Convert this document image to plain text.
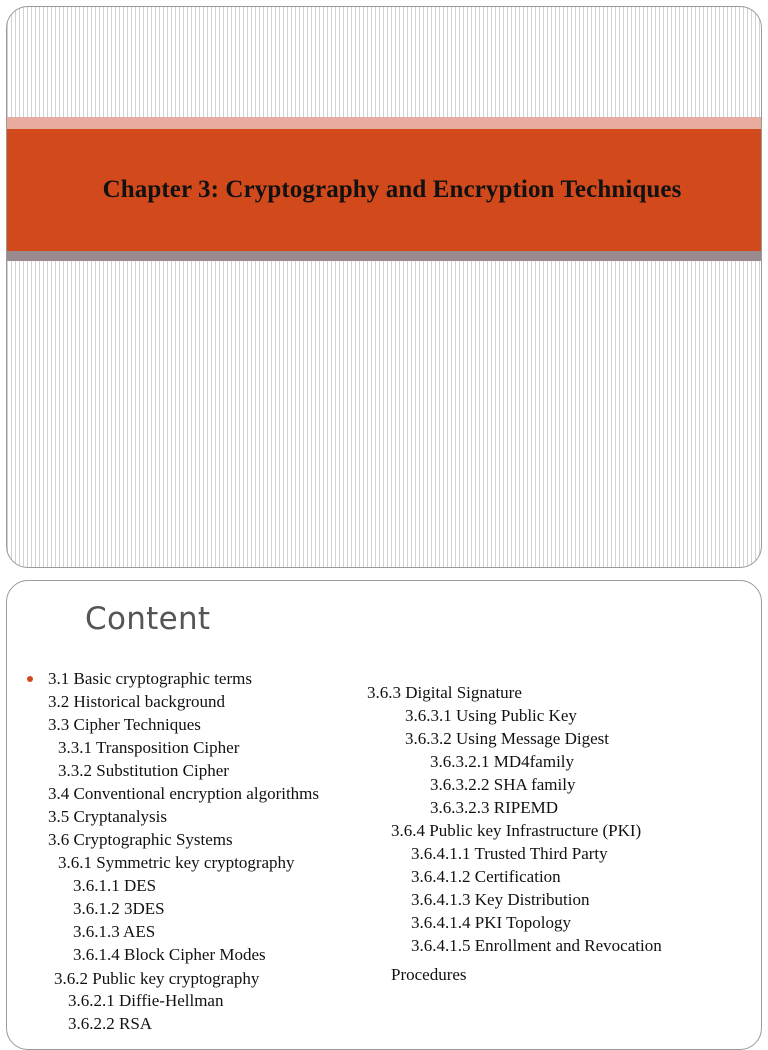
Chapter 3: Cryptography and Encryption Techniques
Content
3.1 Basic cryptographic terms
3.2 Historical background
3.3 Cipher Techniques
3.3.1 Transposition Cipher
3.3.2 Substitution Cipher
3.4 Conventional encryption algorithms
3.5 Cryptanalysis
3.6 Cryptographic Systems
3.6.1 Symmetric key cryptography
3.6.1.1 DES
3.6.1.2 3DES
3.6.1.3 AES
3.6.1.4 Block Cipher Modes
3.6.2 Public key cryptography
3.6.2.1 Diffie-Hellman
3.6.2.2 RSA
3.6.3 Digital Signature
3.6.3.1 Using Public Key
3.6.3.2 Using Message Digest
3.6.3.2.1 MD4family
3.6.3.2.2 SHA family
3.6.3.2.3 RIPEMD
3.6.4 Public key Infrastructure (PKI)
3.6.4.1.1 Trusted Third Party
3.6.4.1.2 Certification
3.6.4.1.3 Key Distribution
3.6.4.1.4 PKI Topology
3.6.4.1.5 Enrollment and Revocation
Procedures
